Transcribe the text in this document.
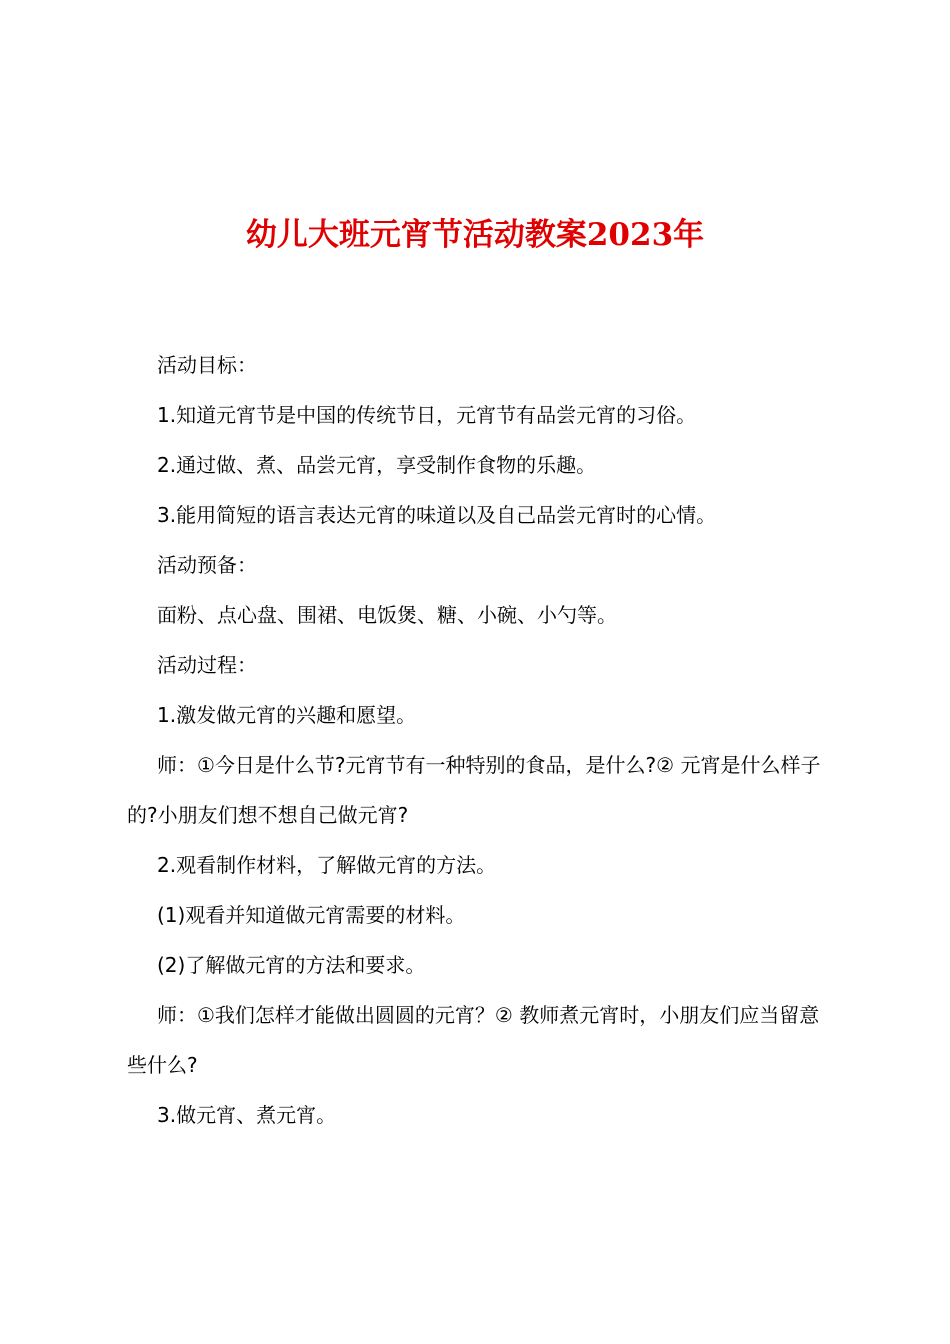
幼儿大班元宵节活动教案2023年

活动目标：

1.知道元宵节是中国的传统节日，元宵节有品尝元宵的习俗。

2.通过做、煮、品尝元宵，享受制作食物的乐趣。

3.能用简短的语言表达元宵的味道以及自己品尝元宵时的心情。

活动预备：

面粉、点心盘、围裙、电饭煲、糖、小碗、小勺等。

活动过程：

1.激发做元宵的兴趣和愿望。

师：①今日是什么节?元宵节有一种特别的食品，是什么?② 元宵是什么样子的?小朋友们想不想自己做元宵?

2.观看制作材料，了解做元宵的方法。

(1)观看并知道做元宵需要的材料。

(2)了解做元宵的方法和要求。

师：①我们怎样才能做出圆圆的元宵？② 教师煮元宵时，小朋友们应当留意些什么?

3.做元宵、煮元宵。
